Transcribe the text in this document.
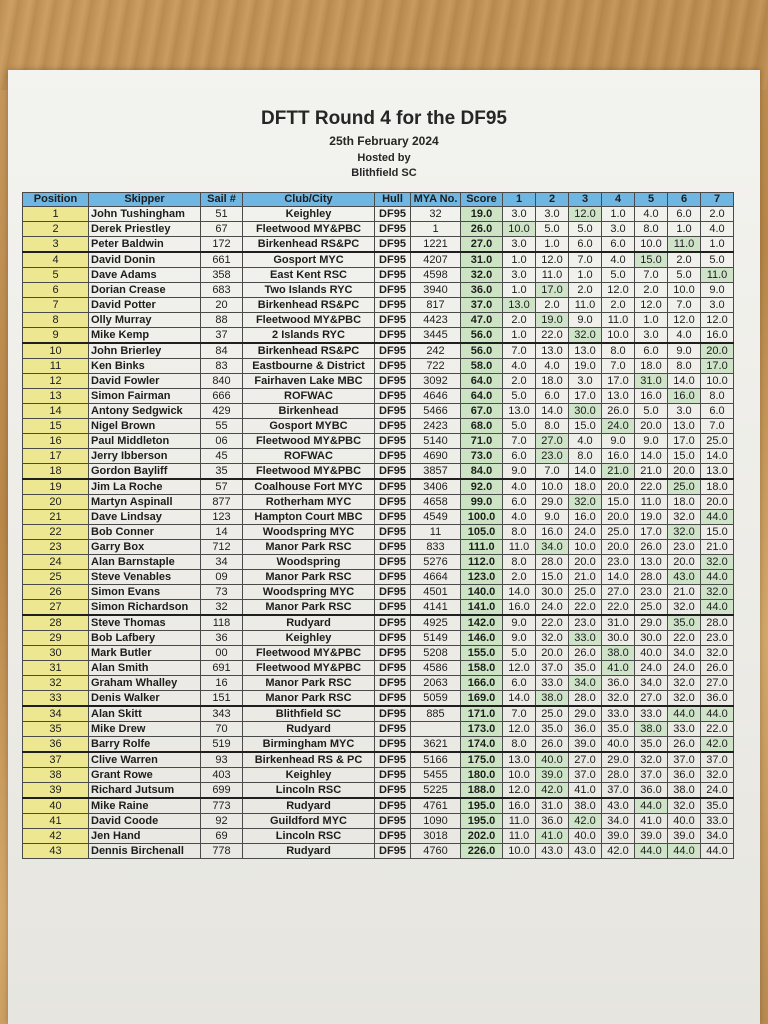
DFTT Round 4 for the DF95
25th February 2024
Hosted by
Blithfield SC
Position	Skipper	Sail #	Club/City	Hull	MYA No.	Score	1	2	3	4	5	6	7
1	John Tushingham	51	Keighley	DF95	32	19.0	3.0	3.0	12.0	1.0	4.0	6.0	2.0
2	Derek Priestley	67	Fleetwood MY&PBC	DF95	1	26.0	10.0	5.0	5.0	3.0	8.0	1.0	4.0
3	Peter Baldwin	172	Birkenhead RS&PC	DF95	1221	27.0	3.0	1.0	6.0	6.0	10.0	11.0	1.0
4	David Donin	661	Gosport MYC	DF95	4207	31.0	1.0	12.0	7.0	4.0	15.0	2.0	5.0
5	Dave Adams	358	East Kent RSC	DF95	4598	32.0	3.0	11.0	1.0	5.0	7.0	5.0	11.0
6	Dorian Crease	683	Two Islands RYC	DF95	3940	36.0	1.0	17.0	2.0	12.0	2.0	10.0	9.0
7	David Potter	20	Birkenhead RS&PC	DF95	817	37.0	13.0	2.0	11.0	2.0	12.0	7.0	3.0
8	Olly Murray	88	Fleetwood MY&PBC	DF95	4423	47.0	2.0	19.0	9.0	11.0	1.0	12.0	12.0
9	Mike Kemp	37	2 Islands RYC	DF95	3445	56.0	1.0	22.0	32.0	10.0	3.0	4.0	16.0
10	John Brierley	84	Birkenhead RS&PC	DF95	242	56.0	7.0	13.0	13.0	8.0	6.0	9.0	20.0
11	Ken Binks	83	Eastbourne & District	DF95	722	58.0	4.0	4.0	19.0	7.0	18.0	8.0	17.0
12	David Fowler	840	Fairhaven Lake MBC	DF95	3092	64.0	2.0	18.0	3.0	17.0	31.0	14.0	10.0
13	Simon Fairman	666	ROFWAC	DF95	4646	64.0	5.0	6.0	17.0	13.0	16.0	16.0	8.0
14	Antony Sedgwick	429	Birkenhead	DF95	5466	67.0	13.0	14.0	30.0	26.0	5.0	3.0	6.0
15	Nigel Brown	55	Gosport MYBC	DF95	2423	68.0	5.0	8.0	15.0	24.0	20.0	13.0	7.0
16	Paul Middleton	06	Fleetwood MY&PBC	DF95	5140	71.0	7.0	27.0	4.0	9.0	9.0	17.0	25.0
17	Jerry Ibberson	45	ROFWAC	DF95	4690	73.0	6.0	23.0	8.0	16.0	14.0	15.0	14.0
18	Gordon Bayliff	35	Fleetwood MY&PBC	DF95	3857	84.0	9.0	7.0	14.0	21.0	21.0	20.0	13.0
19	Jim La Roche	57	Coalhouse Fort MYC	DF95	3406	92.0	4.0	10.0	18.0	20.0	22.0	25.0	18.0
20	Martyn Aspinall	877	Rotherham MYC	DF95	4658	99.0	6.0	29.0	32.0	15.0	11.0	18.0	20.0
21	Dave Lindsay	123	Hampton Court MBC	DF95	4549	100.0	4.0	9.0	16.0	20.0	19.0	32.0	44.0
22	Bob Conner	14	Woodspring MYC	DF95	11	105.0	8.0	16.0	24.0	25.0	17.0	32.0	15.0
23	Garry Box	712	Manor Park RSC	DF95	833	111.0	11.0	34.0	10.0	20.0	26.0	23.0	21.0
24	Alan Barnstaple	34	Woodspring	DF95	5276	112.0	8.0	28.0	20.0	23.0	13.0	20.0	32.0
25	Steve Venables	09	Manor Park RSC	DF95	4664	123.0	2.0	15.0	21.0	14.0	28.0	43.0	44.0
26	Simon Evans	73	Woodspring MYC	DF95	4501	140.0	14.0	30.0	25.0	27.0	23.0	21.0	32.0
27	Simon Richardson	32	Manor Park RSC	DF95	4141	141.0	16.0	24.0	22.0	22.0	25.0	32.0	44.0
28	Steve Thomas	118	Rudyard	DF95	4925	142.0	9.0	22.0	23.0	31.0	29.0	35.0	28.0
29	Bob Lafbery	36	Keighley	DF95	5149	146.0	9.0	32.0	33.0	30.0	30.0	22.0	23.0
30	Mark Butler	00	Fleetwood MY&PBC	DF95	5208	155.0	5.0	20.0	26.0	38.0	40.0	34.0	32.0
31	Alan Smith	691	Fleetwood MY&PBC	DF95	4586	158.0	12.0	37.0	35.0	41.0	24.0	24.0	26.0
32	Graham Whalley	16	Manor Park RSC	DF95	2063	166.0	6.0	33.0	34.0	36.0	34.0	32.0	27.0
33	Denis Walker	151	Manor Park RSC	DF95	5059	169.0	14.0	38.0	28.0	32.0	27.0	32.0	36.0
34	Alan Skitt	343	Blithfield SC	DF95	885	171.0	7.0	25.0	29.0	33.0	33.0	44.0	44.0
35	Mike Drew	70	Rudyard	DF95		173.0	12.0	35.0	36.0	35.0	38.0	33.0	22.0
36	Barry Rolfe	519	Birmingham MYC	DF95	3621	174.0	8.0	26.0	39.0	40.0	35.0	26.0	42.0
37	Clive Warren	93	Birkenhead RS & PC	DF95	5166	175.0	13.0	40.0	27.0	29.0	32.0	37.0	37.0
38	Grant Rowe	403	Keighley	DF95	5455	180.0	10.0	39.0	37.0	28.0	37.0	36.0	32.0
39	Richard Jutsum	699	Lincoln RSC	DF95	5225	188.0	12.0	42.0	41.0	37.0	36.0	38.0	24.0
40	Mike Raine	773	Rudyard	DF95	4761	195.0	16.0	31.0	38.0	43.0	44.0	32.0	35.0
41	David Coode	92	Guildford MYC	DF95	1090	195.0	11.0	36.0	42.0	34.0	41.0	40.0	33.0
42	Jen Hand	69	Lincoln RSC	DF95	3018	202.0	11.0	41.0	40.0	39.0	39.0	39.0	34.0
43	Dennis Birchenall	778	Rudyard	DF95	4760	226.0	10.0	43.0	43.0	42.0	44.0	44.0	44.0
